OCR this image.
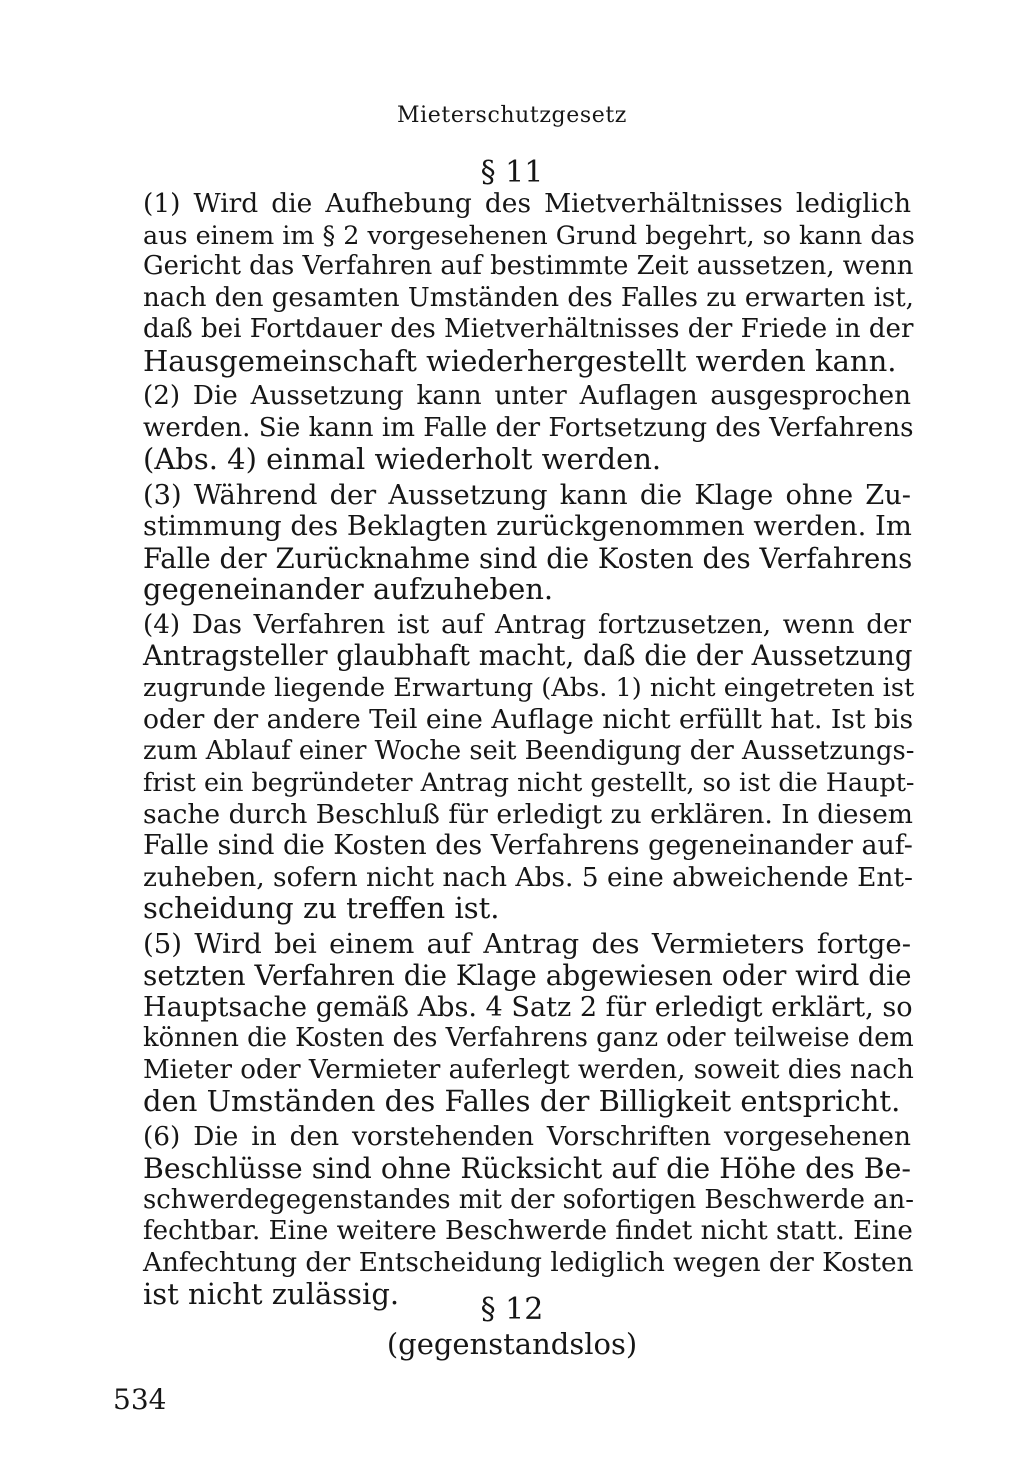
Mieterschutzgesetz
§ 11

(1) Wird die Aufhebung des Mietverhältnisses lediglich
aus einem im § 2 vorgesehenen Grund begehrt, so kann das
Gericht das Verfahren auf bestimmte Zeit aussetzen, wenn
nach den gesamten Umständen des Falles zu erwarten ist,
daß bei Fortdauer des Mietverhältnisses der Friede in der
Hausgemeinschaft wiederhergestellt werden kann.

(2) Die Aussetzung kann unter Auflagen ausgesprochen
werden. Sie kann im Falle der Fortsetzung des Verfahrens
(Abs. 4) einmal wiederholt werden.

(3) Während der Aussetzung kann die Klage ohne Zu-
stimmung des Beklagten zurückgenommen werden. Im
Falle der Zurücknahme sind die Kosten des Verfahrens
gegeneinander aufzuheben.

(4) Das Verfahren ist auf Antrag fortzusetzen, wenn der
Antragsteller glaubhaft macht, daß die der Aussetzung
zugrunde liegende Erwartung (Abs. 1) nicht eingetreten ist
oder der andere Teil eine Auflage nicht erfüllt hat. Ist bis
zum Ablauf einer Woche seit Beendigung der Aussetzungs-
frist ein begründeter Antrag nicht gestellt, so ist die Haupt-
sache durch Beschluß für erledigt zu erklären. In diesem
Falle sind die Kosten des Verfahrens gegeneinander auf-
zuheben, sofern nicht nach Abs. 5 eine abweichende Ent-
scheidung zu treffen ist.

(5) Wird bei einem auf Antrag des Vermieters fortge-
setzten Verfahren die Klage abgewiesen oder wird die
Hauptsache gemäß Abs. 4 Satz 2 für erledigt erklärt, so
können die Kosten des Verfahrens ganz oder teilweise dem
Mieter oder Vermieter auferlegt werden, soweit dies nach
den Umständen des Falles der Billigkeit entspricht.

(6) Die in den vorstehenden Vorschriften vorgesehenen
Beschlüsse sind ohne Rücksicht auf die Höhe des Be-
schwerdegegenstandes mit der sofortigen Beschwerde an-
fechtbar. Eine weitere Beschwerde findet nicht statt. Eine
Anfechtung der Entscheidung lediglich wegen der Kosten
ist nicht zulässig.	§ 12
(gegenstandslos)
534
